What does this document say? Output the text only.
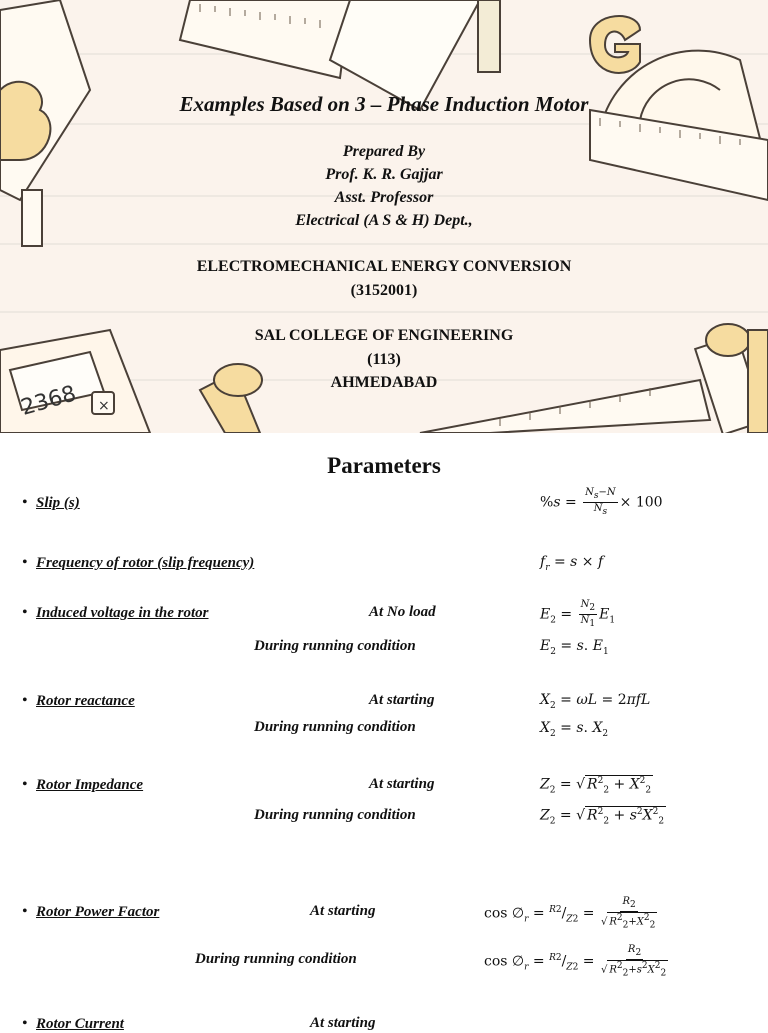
×
2368
Examples Based on 3 – Phase Induction Motor
Prepared By
Prof. K. R. Gajjar
Asst. Professor
Electrical (A S & H) Dept.,
ELECTROMECHANICAL ENERGY CONVERSION
(3152001)
SAL COLLEGE OF ENGINEERING
(113)
AHMEDABAD
Parameters
• Slip (s)	$\%s = \frac{N_s-N}{N_s} \times 100$
• Frequency of rotor (slip frequency)	$f_r = s \times f$
• Induced voltage in the rotor	At No load	$E_2 = \frac{N_2}{N_1} E_1$
During running condition	$E_2 = s$. $E_1$
• Rotor reactance	At starting	$X_2 = \omega L = 2\pi fL$
During running condition	$X_2 = s$. $X_2$
• Rotor Impedance	At starting	$Z_2$ = √ $R^2_2 + X^2_2$
During running condition	$Z_2$ = √ $R^2_2 + s^2X^2_2$
• Rotor Power Factor	At starting	$\cos \emptyset_r = ^{R2}/_{Z2} = \frac{R_2}{√ R^2_2+X^2_2}$
During running condition	$\cos \emptyset_r = ^{R2}/_{Z2} = \frac{R_2}{√ R^2_2+s^2X^2_2}$
• Rotor Current	At starting
